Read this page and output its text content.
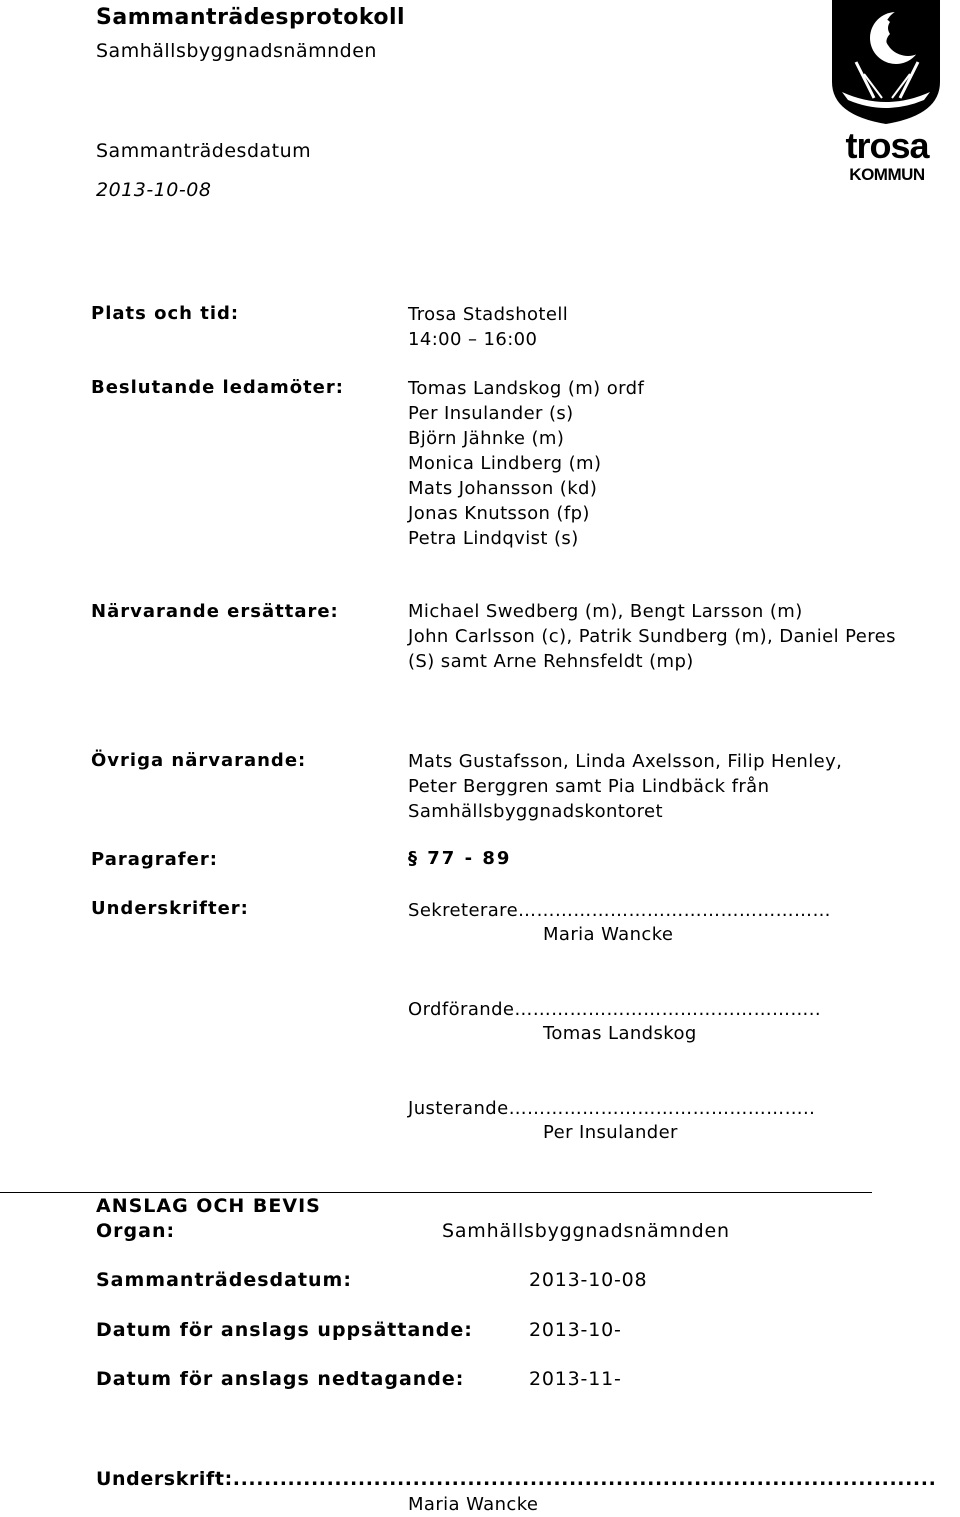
Sammanträdesprotokoll
Samhällsbyggnadsnämnden
Sammanträdesdatum
2013-10-08
trosa
KOMMUN
Plats och tid:	Trosa Stadshotell
14:00 – 16:00
Beslutande ledamöter:	Tomas Landskog (m) ordf
Per Insulander (s)
Björn Jähnke (m)
Monica Lindberg (m)
Mats Johansson (kd)
Jonas Knutsson (fp)
Petra Lindqvist (s)
Närvarande ersättare:	Michael Swedberg (m), Bengt Larsson (m)
John Carlsson (c), Patrik Sundberg (m), Daniel Peres
(S) samt Arne Rehnsfeldt (mp)
Övriga närvarande:	Mats Gustafsson, Linda Axelsson, Filip Henley,
Peter Berggren samt Pia Lindbäck från
Samhällsbyggnadskontoret
Paragrafer:	§ 77 - 89
Underskrifter:	Sekreterare……………………………………………
Maria Wancke
Ordförande…………………………………………..
Tomas Landskog
Justerande…………………………………………..
Per Insulander
ANSLAG OCH BEVIS
Organ:	Samhällsbyggnadsnämnden
Sammanträdesdatum:	2013-10-08
Datum för anslags uppsättande:	2013-10-
Datum för anslags nedtagande:	2013-11-
Underskrift:..........................................................................................
Maria Wancke
